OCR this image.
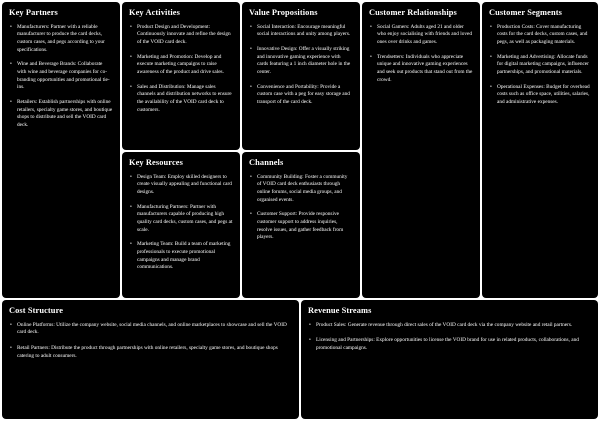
Key Partners
• Manufacturers: Partner with a reliable manufacturer to produce the card decks, custom cases, and pegs according to your specifications.
• Wine and Beverage Brands: Collaborate with wine and beverage companies for co-branding opportunities and promotional tie-ins.
• Retailers: Establish partnerships with online retailers, specialty game stores, and boutique shops to distribute and sell the VOID card deck.
Key Activities
• Product Design and Development: Continuously innovate and refine the design of the VOID card deck.
• Marketing and Promotion: Develop and execute marketing campaigns to raise awareness of the product and drive sales.
• Sales and Distribution: Manage sales channels and distribution networks to ensure the availability of the VOID card deck to customers.
Key Resources
• Design Team: Employ skilled designers to create visually appealing and functional card designs.
• Manufacturing Partners: Partner with manufacturers capable of producing high quality card decks, custom cases, and pegs at scale.
• Marketing Team: Build a team of marketing professionals to execute promotional campaigns and manage brand communications.
Value Propositions
• Social Interaction: Encourage meaningful social interactions and unity among players.
• Innovative Design: Offer a visually striking and innovative gaming experience with cards featuring a 1 inch diameter hole in the center.
• Convenience and Portability: Provide a custom case with a peg for easy storage and transport of the card deck.
Channels
• Community Building: Foster a community of VOID card deck enthusiasts through online forums, social media groups, and organised events.
• Customer Support: Provide responsive customer support to address inquiries, resolve issues, and gather feedback from players.
Customer Relationships
• Social Gamers: Adults aged 21 and older who enjoy socialising with friends and loved ones over drinks and games.
• Trendsetters: Individuals who appreciate unique and innovative gaming experiences and seek out products that stand out from the crowd.
Customer Segments
• Production Costs: Cover manufacturing costs for the card decks, custom cases, and pegs, as well as packaging materials.
• Marketing and Advertising: Allocate funds for digital marketing campaigns, influencer partnerships, and promotional materials.
• Operational Expenses: Budget for overhead costs such as office space, utilities, salaries, and administrative expenses.
Cost Structure
• Online Platforms: Utilize the company website, social media channels, and online marketplaces to showcase and sell the VOID card deck.
• Retail Partners: Distribute the product through partnerships with online retailers, specialty game stores, and boutique shops catering to adult consumers.
Revenue Streams
• Product Sales: Generate revenue through direct sales of the VOID card deck via the company website and retail partners.
• Licensing and Partnerships: Explore opportunities to license the VOID brand for use in related products, collaborations, and promotional campaigns.
